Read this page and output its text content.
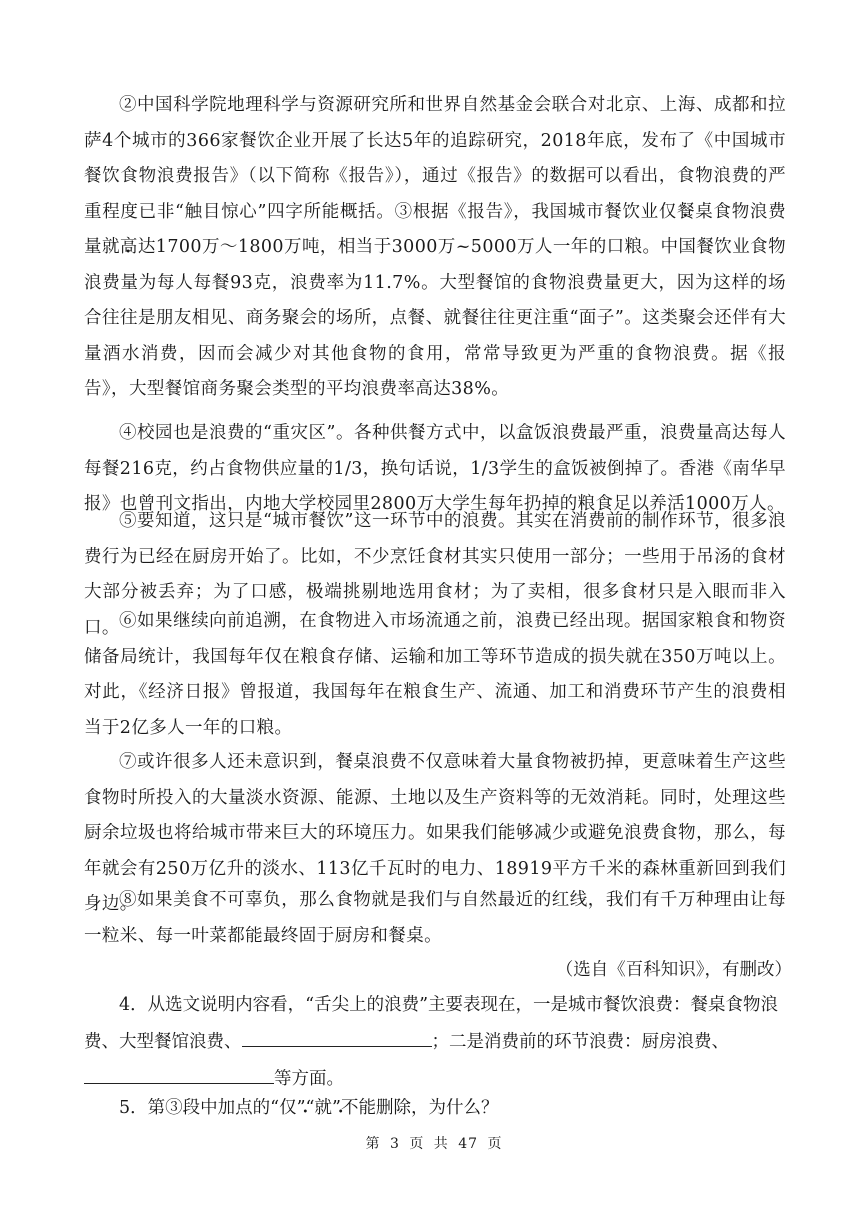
②中国科学院地理科学与资源研究所和世界自然基金会联合对北京、上海、成都和拉萨4个城市的366家餐饮企业开展了长达5年的追踪研究，2018年底，发布了《中国城市餐饮食物浪费报告》（以下简称《报告》），通过《报告》的数据可以看出，食物浪费的严重程度已非“触目惊心”四字所能概括。③根据《报告》，我国城市餐饮业仅餐桌食物浪费量就高达1700万～1800万吨，相当于3000万~5000万人一年的口粮。中国餐饮业食物浪费量为每人每餐93克，浪费率为11.7%。大型餐馆的食物浪费量更大，因为这样的场合往往是朋友相见、商务聚会的场所，点餐、就餐往往更注重“面子”。这类聚会还伴有大量酒水消费，因而会减少对其他食物的食用，常常导致更为严重的食物浪费。据《报告》，大型餐馆商务聚会类型的平均浪费率高达38%。

④校园也是浪费的“重灾区”。各种供餐方式中，以盒饭浪费最严重，浪费量高达每人每餐216克，约占食物供应量的1/3，换句话说，1/3学生的盒饭被倒掉了。香港《南华早报》也曾刊文指出，内地大学校园里2800万大学生每年扔掉的粮食足以养活1000万人。

⑤要知道，这只是“城市餐饮”这一环节中的浪费。其实在消费前的制作环节，很多浪费行为已经在厨房开始了。比如，不少烹饪食材其实只使用一部分；一些用于吊汤的食材大部分被丢弃；为了口感，极端挑剔地选用食材；为了卖相，很多食材只是入眼而非入口。 ⑥如果继续向前追溯，在食物进入市场流通之前，浪费已经出现。据国家粮食和物资储备局统计，我国每年仅在粮食存储、运输和加工等环节造成的损失就在350万吨以上。对此，《经济日报》曾报道，我国每年在粮食生产、流通、加工和消费环节产生的浪费相当于2亿多人一年的口粮。

⑦或许很多人还未意识到，餐桌浪费不仅意味着大量食物被扔掉，更意味着生产这些食物时所投入的大量淡水资源、能源、土地以及生产资料等的无效消耗。同时，处理这些厨余垃圾也将给城市带来巨大的环境压力。如果我们能够减少或避免浪费食物，那么，每年就会有250万亿升的淡水、113亿千瓦时的电力、18919平方千米的森林重新回到我们身边。

⑧如果美食不可辜负，那么食物就是我们与自然最近的红线，我们有千万种理由让每一粒米、每一叶菜都能最终固于厨房和餐桌。

（选自《百科知识》，有删改）

4．从选文说明内容看，“舌尖上的浪费”主要表现在，一是城市餐饮浪费：餐桌食物浪费、大型餐馆浪费、	；二是消费前的环节浪费：厨房浪费、等方面。

5．第③段中加点的“仅 •”“就 •”不能删除，为什么？

第 3 页 共 47 页
